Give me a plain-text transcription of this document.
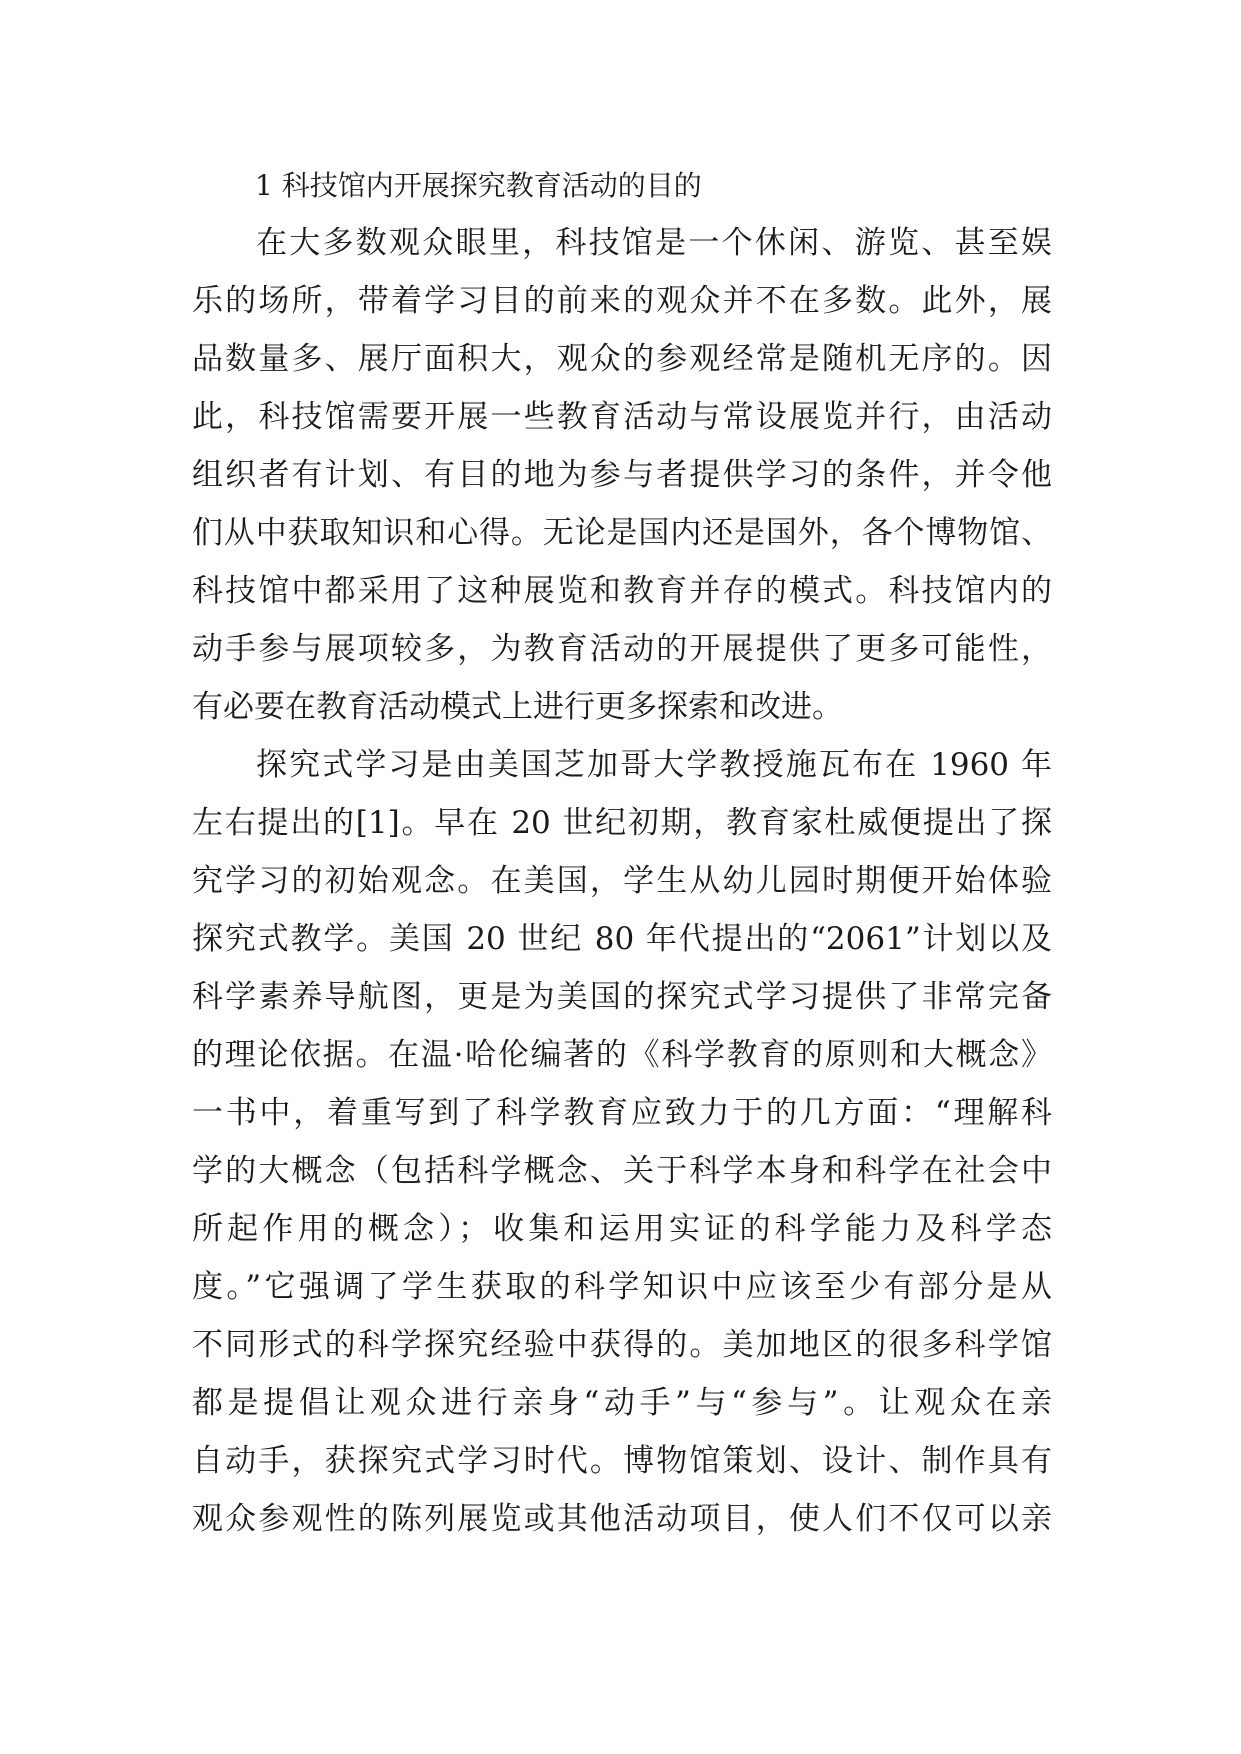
1 科技馆内开展探究教育活动的目的
在大多数观众眼里，科技馆是一个休闲、游览、甚至娱
乐的场所，带着学习目的前来的观众并不在多数。此外，展
品数量多、展厅面积大，观众的参观经常是随机无序的。因
此，科技馆需要开展一些教育活动与常设展览并行，由活动
组织者有计划、有目的地为参与者提供学习的条件，并令他
们从中获取知识和心得。无论是国内还是国外，各个博物馆、
科技馆中都采用了这种展览和教育并存的模式。科技馆内的
动手参与展项较多，为教育活动的开展提供了更多可能性，
有必要在教育活动模式上进行更多探索和改进。
探究式学习是由美国芝加哥大学教授施瓦布在 1960 年
左右提出的[1]。早在 20 世纪初期，教育家杜威便提出了探
究学习的初始观念。在美国，学生从幼儿园时期便开始体验
探究式教学。美国 20 世纪 80 年代提出的“2061”计划以及
科学素养导航图，更是为美国的探究式学习提供了非常完备
的理论依据。在温·哈伦编著的《科学教育的原则和大概念》
一书中，着重写到了科学教育应致力于的几方面：“理解科
学的大概念（包括科学概念、关于科学本身和科学在社会中
所起作用的概念）；收集和运用实证的科学能力及科学态
度。”它强调了学生获取的科学知识中应该至少有部分是从
不同形式的科学探究经验中获得的。美加地区的很多科学馆
都是提倡让观众进行亲身“动手”与“参与”。让观众在亲
自动手，获探究式学习时代。博物馆策划、设计、制作具有
观众参观性的陈列展览或其他活动项目，使人们不仅可以亲
